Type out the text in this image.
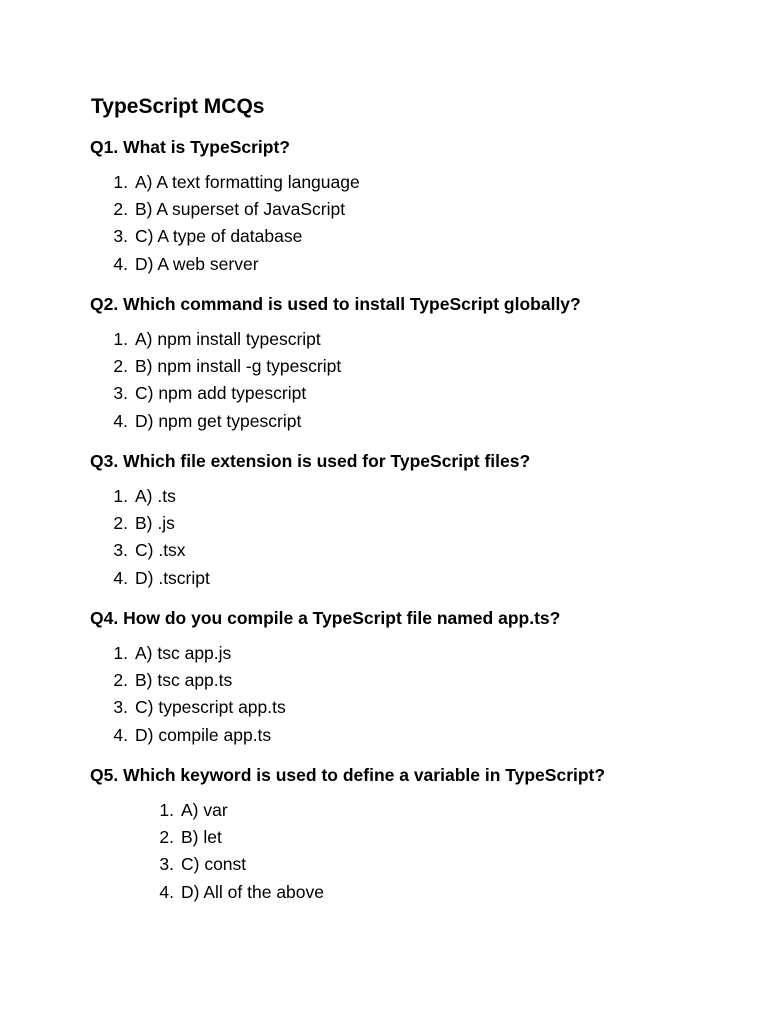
TypeScript MCQs

Q1. What is TypeScript?

1. A) A text formatting language
2. B) A superset of JavaScript
3. C) A type of database
4. D) A web server

Q2. Which command is used to install TypeScript globally?

1. A) npm install typescript
2. B) npm install -g typescript
3. C) npm add typescript
4. D) npm get typescript

Q3. Which file extension is used for TypeScript files?

1. A) .ts
2. B) .js
3. C) .tsx
4. D) .tscript

Q4. How do you compile a TypeScript file named app.ts?

1. A) tsc app.js
2. B) tsc app.ts
3. C) typescript app.ts
4. D) compile app.ts

Q5. Which keyword is used to define a variable in TypeScript?

1. A) var
2. B) let
3. C) const
4. D) All of the above
